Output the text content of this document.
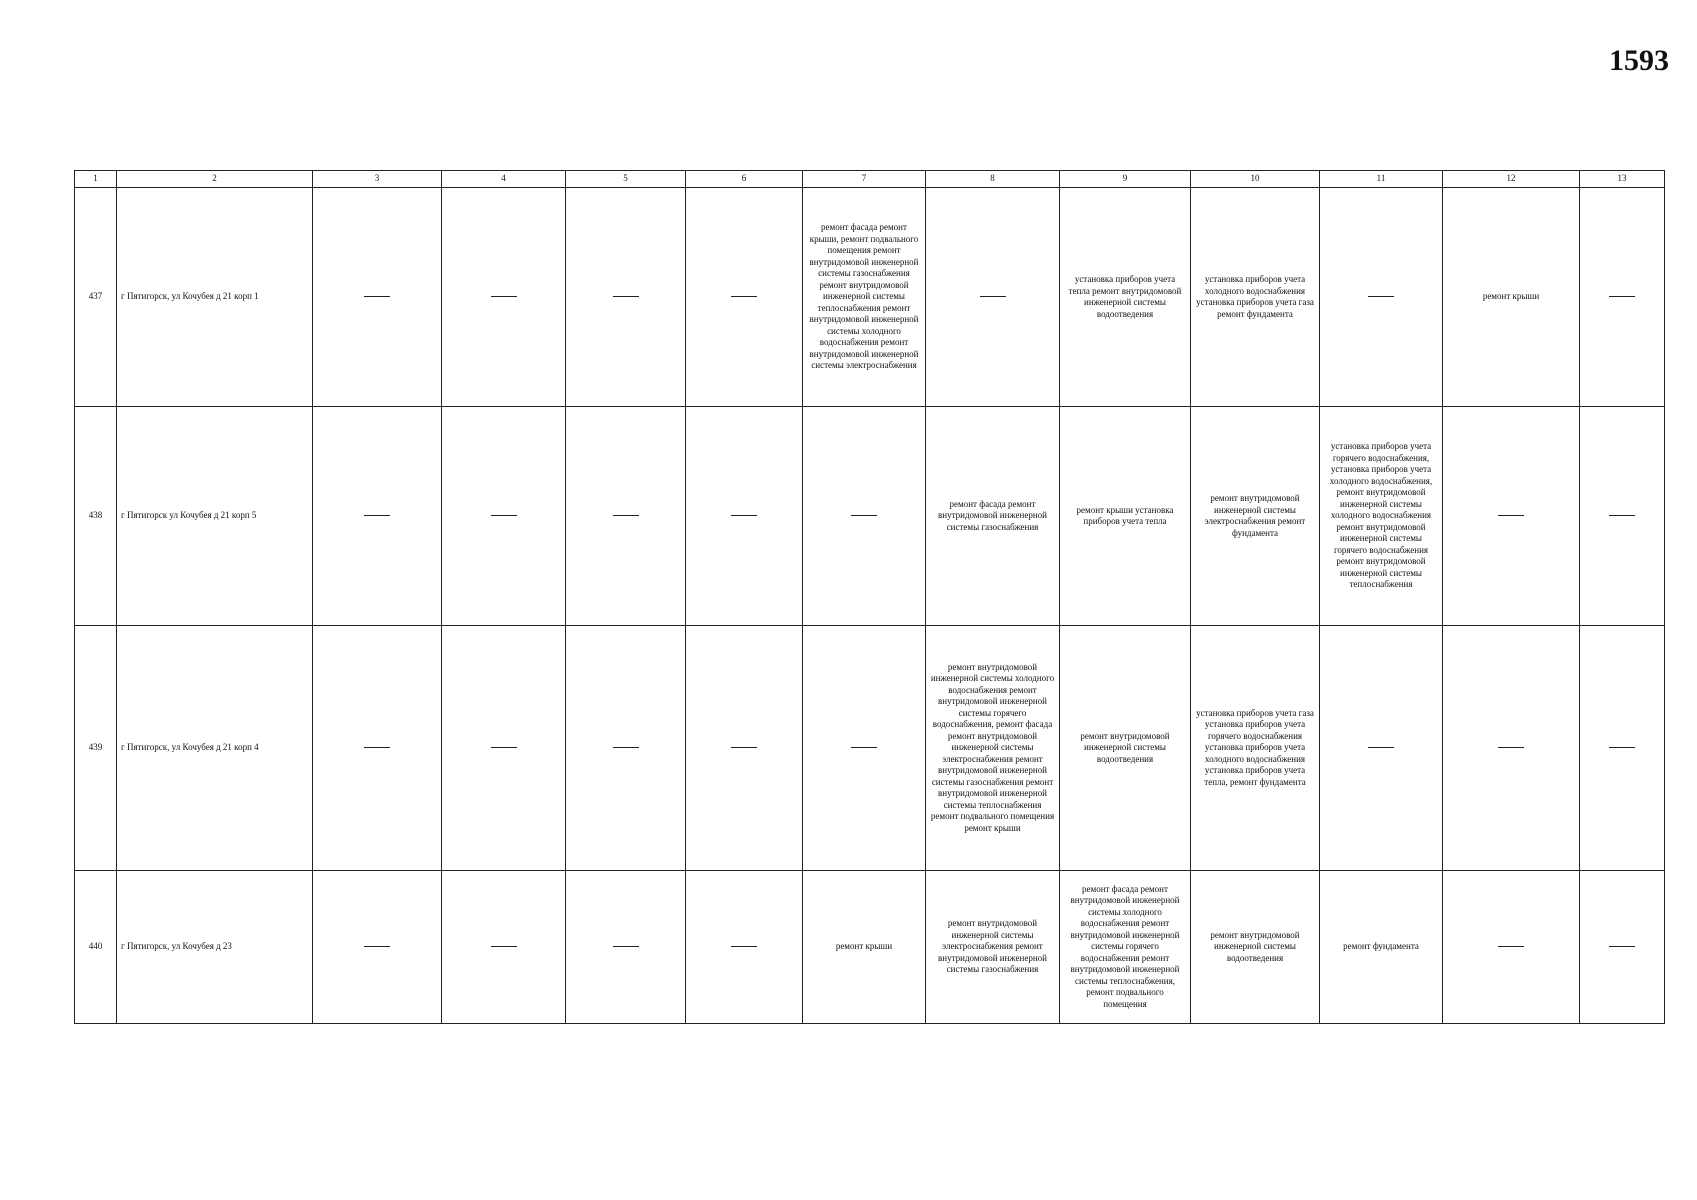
1593
1	2	3	4	5	6	7	8	9	10	11	12	13
437	г Пятигорск, ул Кочубея д 21 корп 1					ремонт фасада ремонт крыши, ремонт подвального помещения ремонт внутридомовой инженерной системы газоснабжения ремонт внутридомовой инженерной системы теплоснабжения ремонт внутридомовой инженерной системы холодного водоснабжения ремонт внутридомовой инженерной системы электроснабжения		установка приборов учета тепла ремонт внутридомовой инженерной системы водоотведения	установка приборов учета холодного водоснабжения установка приборов учета газа ремонт фундамента		ремонт крыши	
438	г Пятигорск ул Кочубея д 21 корп 5						ремонт фасада ремонт внутридомовой инженерной системы газоснабжения	ремонт крыши установка приборов учета тепла	ремонт внутридомовой инженерной системы электроснабжения ремонт фундамента	установка приборов учета горячего водоснабжения, установка приборов учета холодного водоснабжения, ремонт внутридомовой инженерной системы холодного водоснабжения ремонт внутридомовой инженерной системы горячего водоснабжения ремонт внутридомовой инженерной системы теплоснабжения		
439	г Пятигорск, ул Кочубея д 21 корп 4						ремонт внутридомовой инженерной системы холодного водоснабжения ремонт внутридомовой инженерной системы горячего водоснабжения, ремонт фасада ремонт внутридомовой инженерной системы электроснабжения ремонт внутридомовой инженерной системы газоснабжения ремонт внутридомовой инженерной системы теплоснабжения ремонт подвального помещения ремонт крыши	ремонт внутридомовой инженерной системы водоотведения	установка приборов учета газа установка приборов учета горячего водоснабжения установка приборов учета холодного водоснабжения установка приборов учета тепла, ремонт фундамента			
440	г Пятигорск, ул Кочубея д 23					ремонт крыши	ремонт внутридомовой инженерной системы электроснабжения ремонт внутридомовой инженерной системы газоснабжения	ремонт фасада ремонт внутридомовой инженерной системы холодного водоснабжения ремонт внутридомовой инженерной системы горячего водоснабжения ремонт внутридомовой инженерной системы теплоснабжения, ремонт подвального помещения	ремонт внутридомовой инженерной системы водоотведения	ремонт фундамента		
